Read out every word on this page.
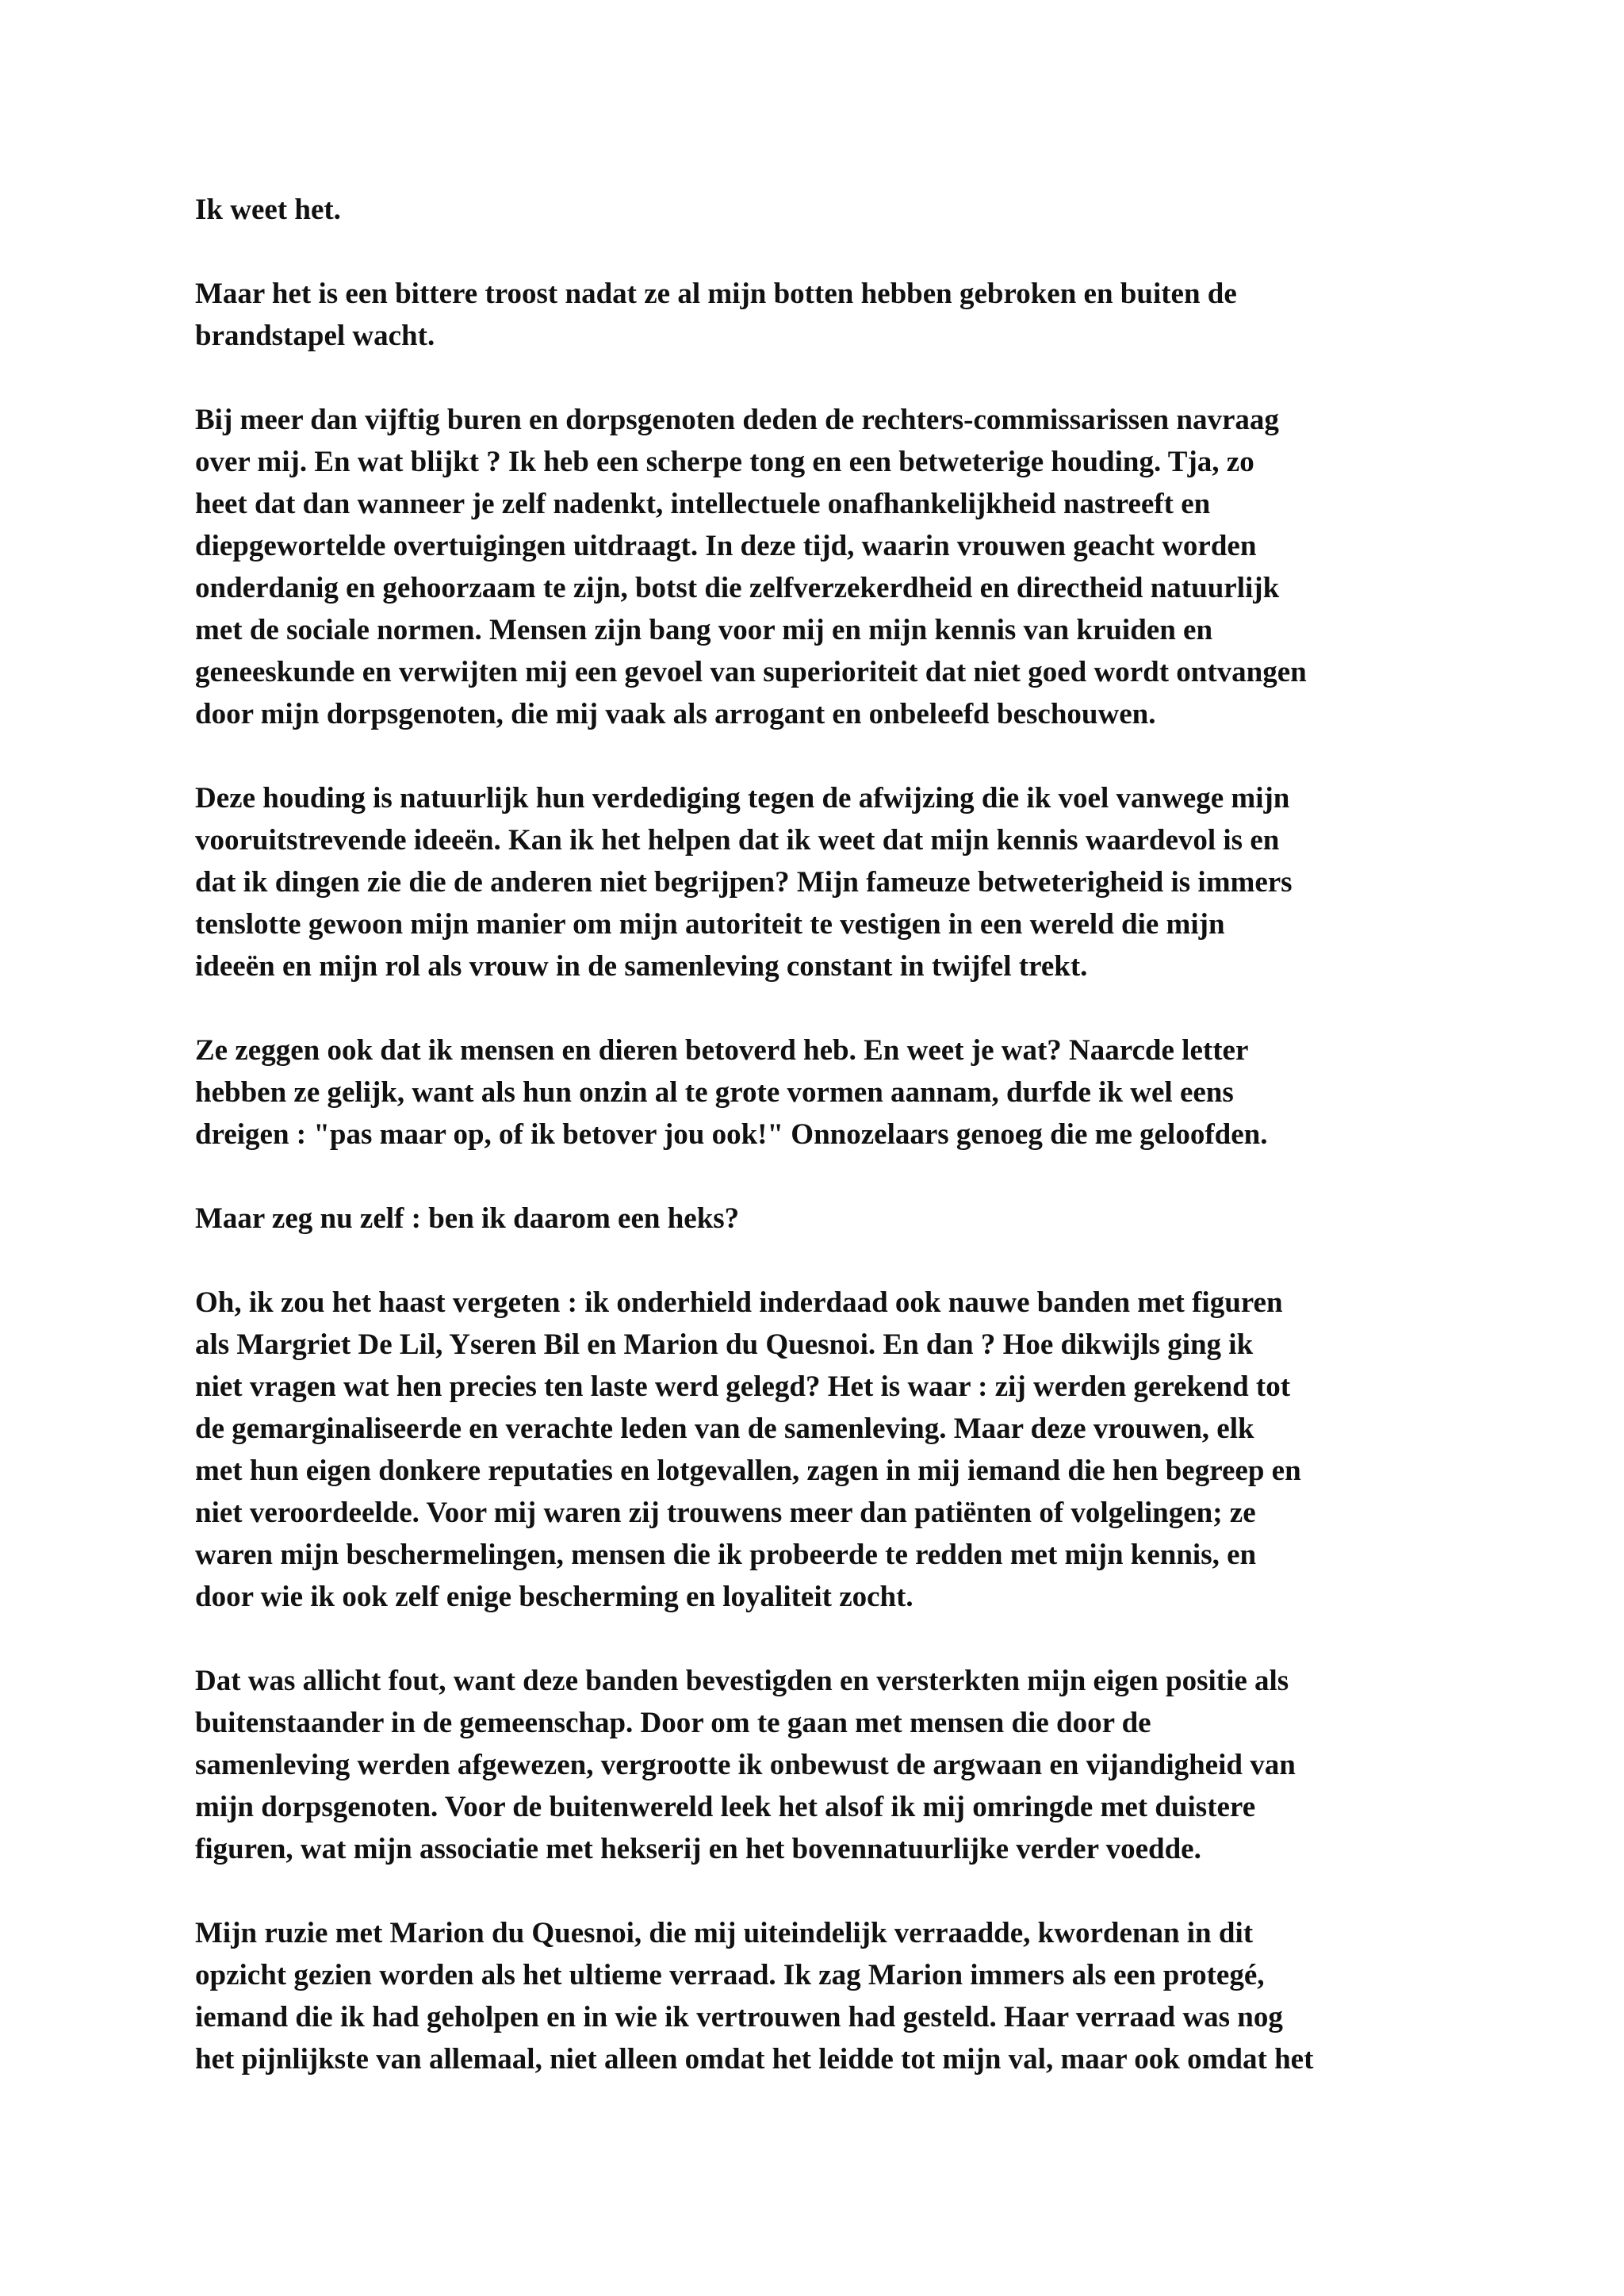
Ik weet het.

Maar het is een bittere troost nadat ze al mijn botten hebben gebroken en buiten de
brandstapel wacht.

Bij meer dan vijftig buren en dorpsgenoten deden de rechters-commissarissen navraag
over mij. En wat blijkt ? Ik heb een scherpe tong en een betweterige houding. Tja, zo
heet dat dan wanneer je zelf nadenkt, intellectuele onafhankelijkheid nastreeft en
diepgewortelde overtuigingen uitdraagt. In deze tijd, waarin vrouwen geacht worden
onderdanig en gehoorzaam te zijn, botst die zelfverzekerdheid en directheid natuurlijk
met de sociale normen. Mensen zijn bang voor mij en mijn kennis van kruiden en
geneeskunde en verwijten mij een gevoel van superioriteit dat niet goed wordt ontvangen
door mijn dorpsgenoten, die mij vaak als arrogant en onbeleefd beschouwen.

Deze houding is natuurlijk hun verdediging tegen de afwijzing die ik voel vanwege mijn
vooruitstrevende ideeën. Kan ik het helpen dat ik weet dat mijn kennis waardevol is en
dat ik dingen zie die de anderen niet begrijpen? Mijn fameuze betweterigheid is immers
tenslotte gewoon mijn manier om mijn autoriteit te vestigen in een wereld die mijn
ideeën en mijn rol als vrouw in de samenleving constant in twijfel trekt.

Ze zeggen ook dat ik mensen en dieren betoverd heb. En weet je wat? Naarcde letter
hebben ze gelijk, want als hun onzin al te grote vormen aannam, durfde ik wel eens
dreigen : "pas maar op, of ik betover jou ook!" Onnozelaars genoeg die me geloofden.

Maar zeg nu zelf : ben ik daarom een heks?

Oh, ik zou het haast vergeten : ik onderhield inderdaad ook nauwe banden met figuren
als Margriet De Lil, Yseren Bil en Marion du Quesnoi. En dan ? Hoe dikwijls ging ik
niet vragen wat hen precies ten laste werd gelegd? Het is waar : zij werden gerekend tot
de gemarginaliseerde en verachte leden van de samenleving. Maar deze vrouwen, elk
met hun eigen donkere reputaties en lotgevallen, zagen in mij iemand die hen begreep en
niet veroordeelde. Voor mij waren zij trouwens meer dan patiënten of volgelingen; ze
waren mijn beschermelingen, mensen die ik probeerde te redden met mijn kennis, en
door wie ik ook zelf enige bescherming en loyaliteit zocht.

Dat was allicht fout, want deze banden bevestigden en versterkten mijn eigen positie als
buitenstaander in de gemeenschap. Door om te gaan met mensen die door de
samenleving werden afgewezen, vergrootte ik onbewust de argwaan en vijandigheid van
mijn dorpsgenoten. Voor de buitenwereld leek het alsof ik mij omringde met duistere
figuren, wat mijn associatie met hekserij en het bovennatuurlijke verder voedde.

Mijn ruzie met Marion du Quesnoi, die mij uiteindelijk verraadde, kwordenan in dit
opzicht gezien worden als het ultieme verraad. Ik zag Marion immers als een protegé,
iemand die ik had geholpen en in wie ik vertrouwen had gesteld. Haar verraad was nog
het pijnlijkste van allemaal, niet alleen omdat het leidde tot mijn val, maar ook omdat het
